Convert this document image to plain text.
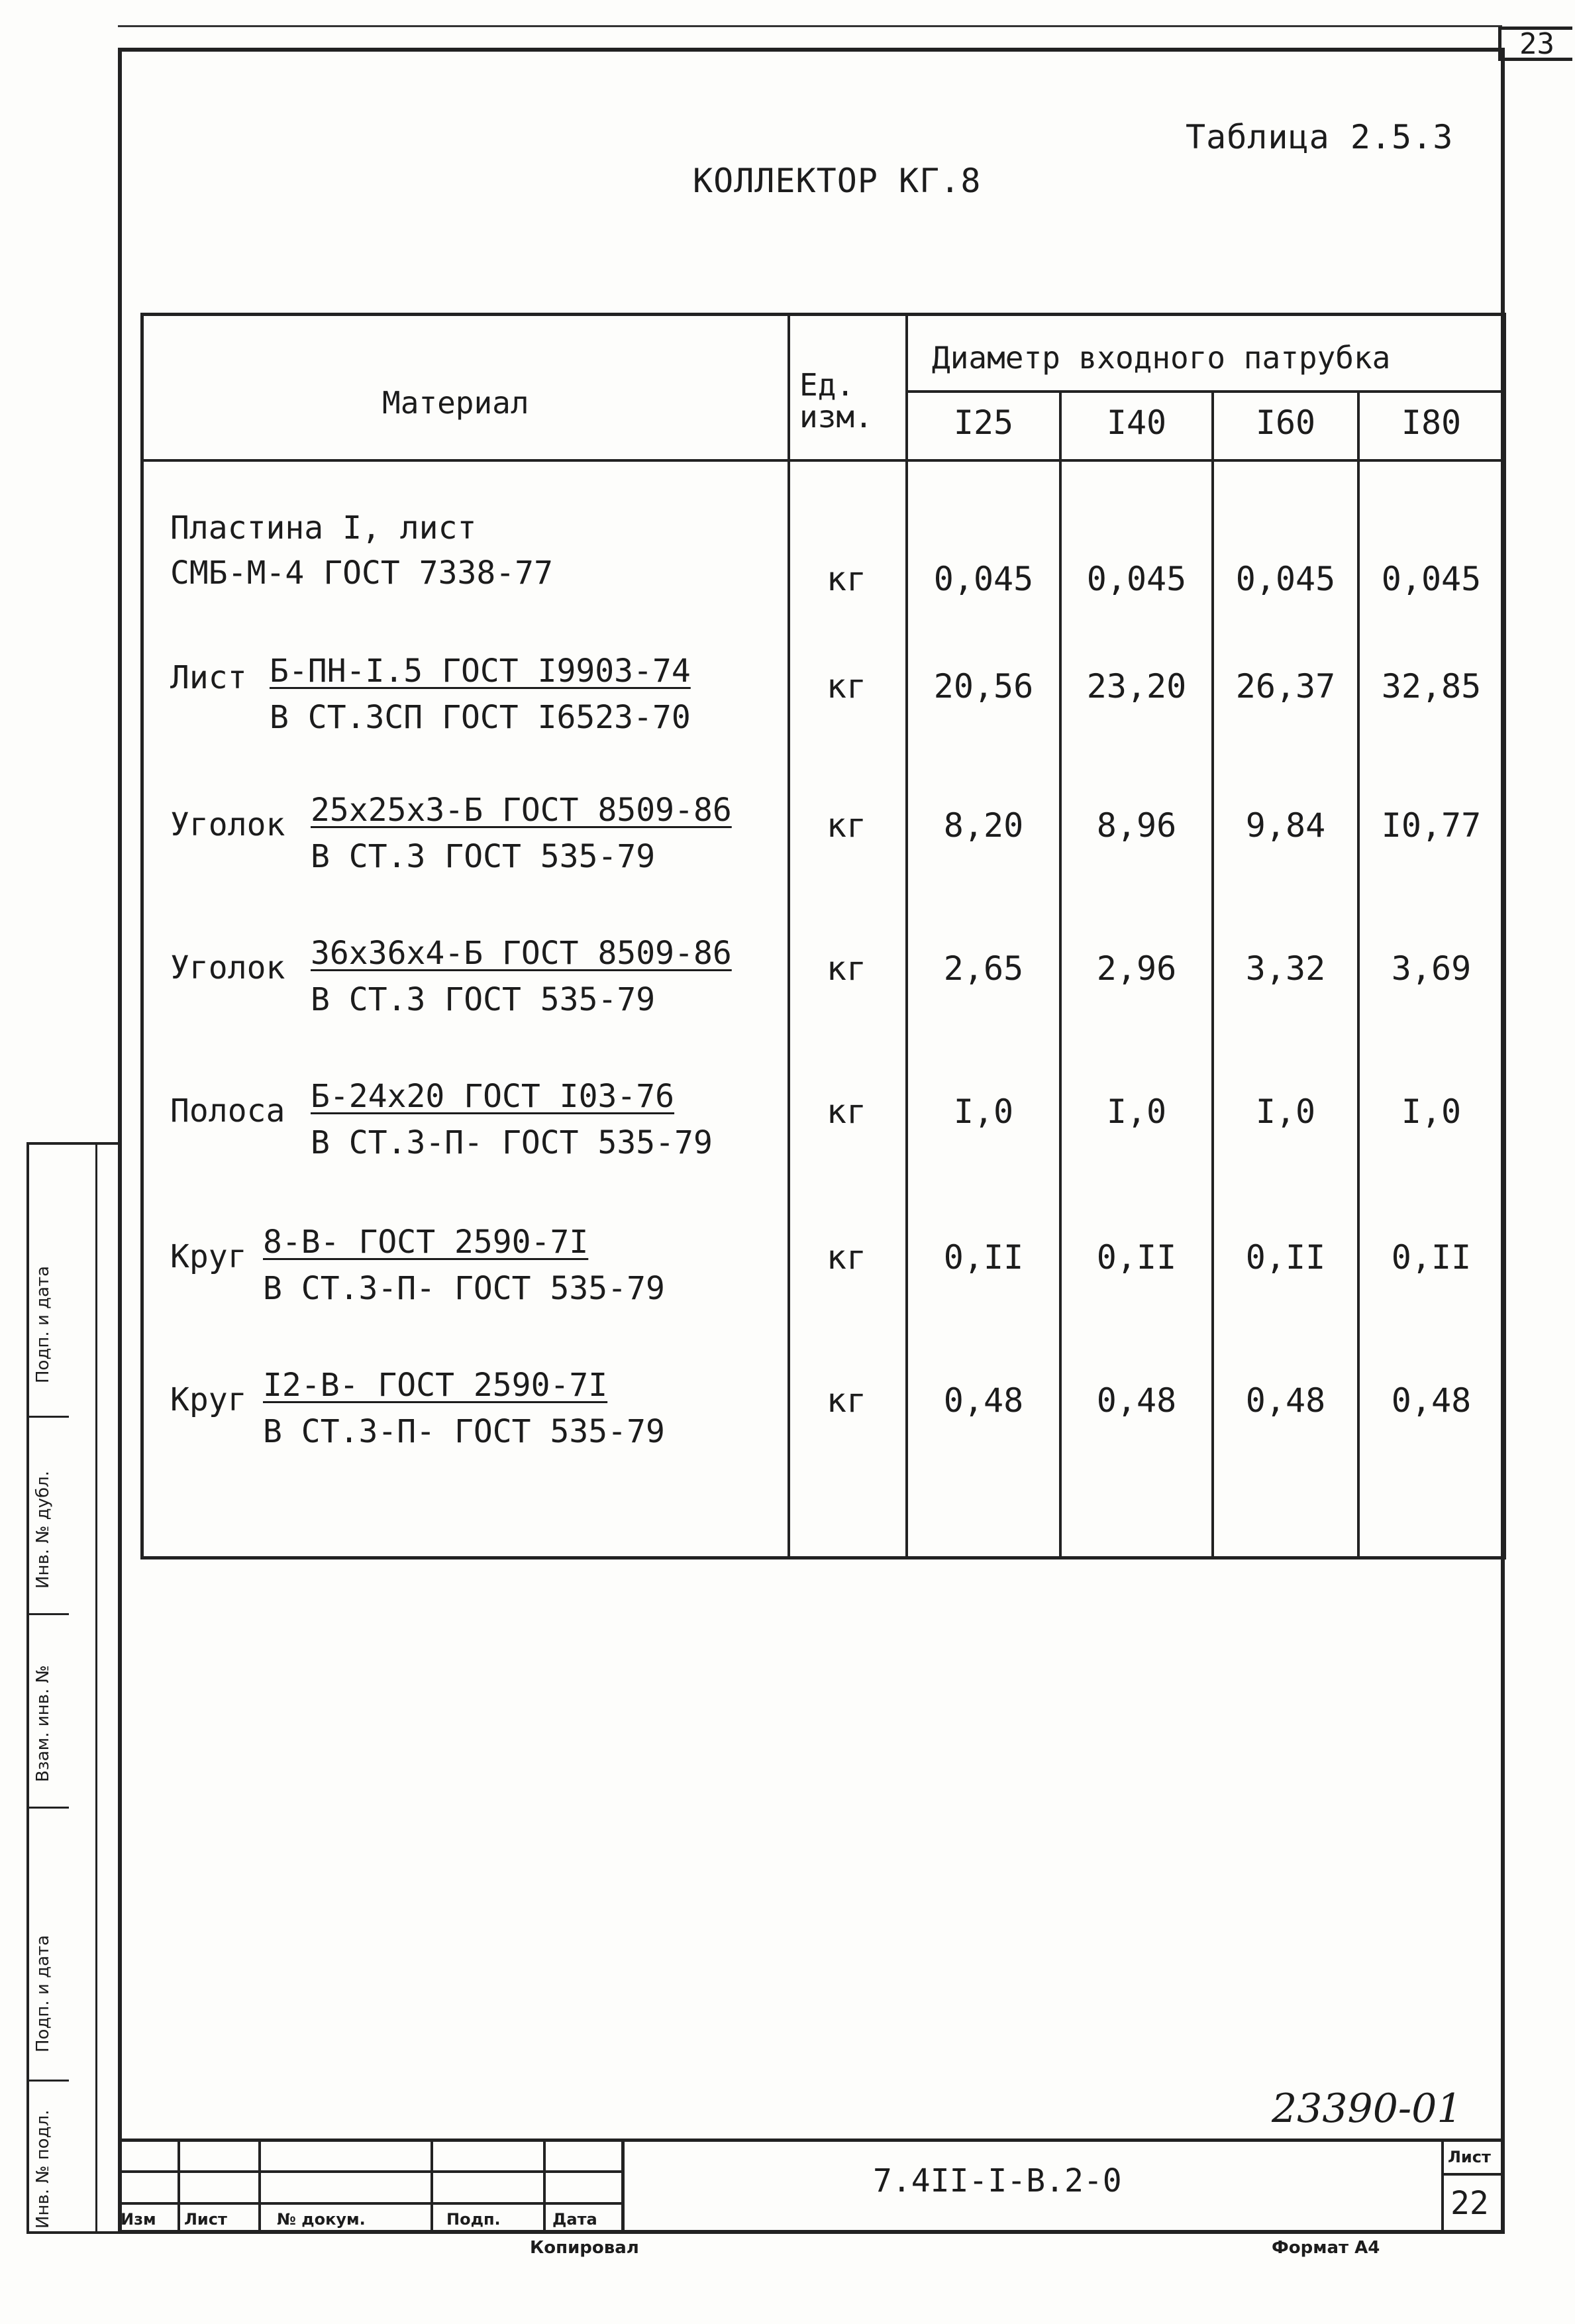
23
Таблица 2.5.3
КОЛЛЕКТОР КГ.8
Материал	Ед. изм.
Диаметр входного патрубка
I25	I40	I60	I80
Пластина I, лист
СМБ-М-4 ГОСТ 7338-77	кг	0,045	0,045	0,045	0,045
Лист Б-ПН-I.5 ГОСТ I9903-74
В СТ.3СП ГОСТ I6523-70
кг	20,56	23,20	26,37	32,85
Уголок 25x25x3-Б ГОСТ 8509-86
В СТ.3 ГОСТ 535-79
кг	8,20	8,96	9,84	I0,77
Уголок 36x36x4-Б ГОСТ 8509-86
В СТ.3 ГОСТ 535-79
кг	2,65	2,96	3,32	3,69
Полоса Б-24x20 ГОСТ I03-76
В СТ.3-П- ГОСТ 535-79
кг	I,0	I,0	I,0	I,0
Круг 8-В- ГОСТ 2590-7I
В СТ.3-П- ГОСТ 535-79
кг	0,II	0,II	0,II	0,II
Круг I2-В- ГОСТ 2590-7I
В СТ.3-П- ГОСТ 535-79
кг	0,48	0,48	0,48	0,48
Подп. и дата
Инв. № дубл.
Взам. инв. №
Подп. и дата
Инв. № подл.
23390-01
7.4II-I-В.2-0
Лист
22
Изм Лист	№ докум.	Подп.	Дата
Копировал	Формат А4
